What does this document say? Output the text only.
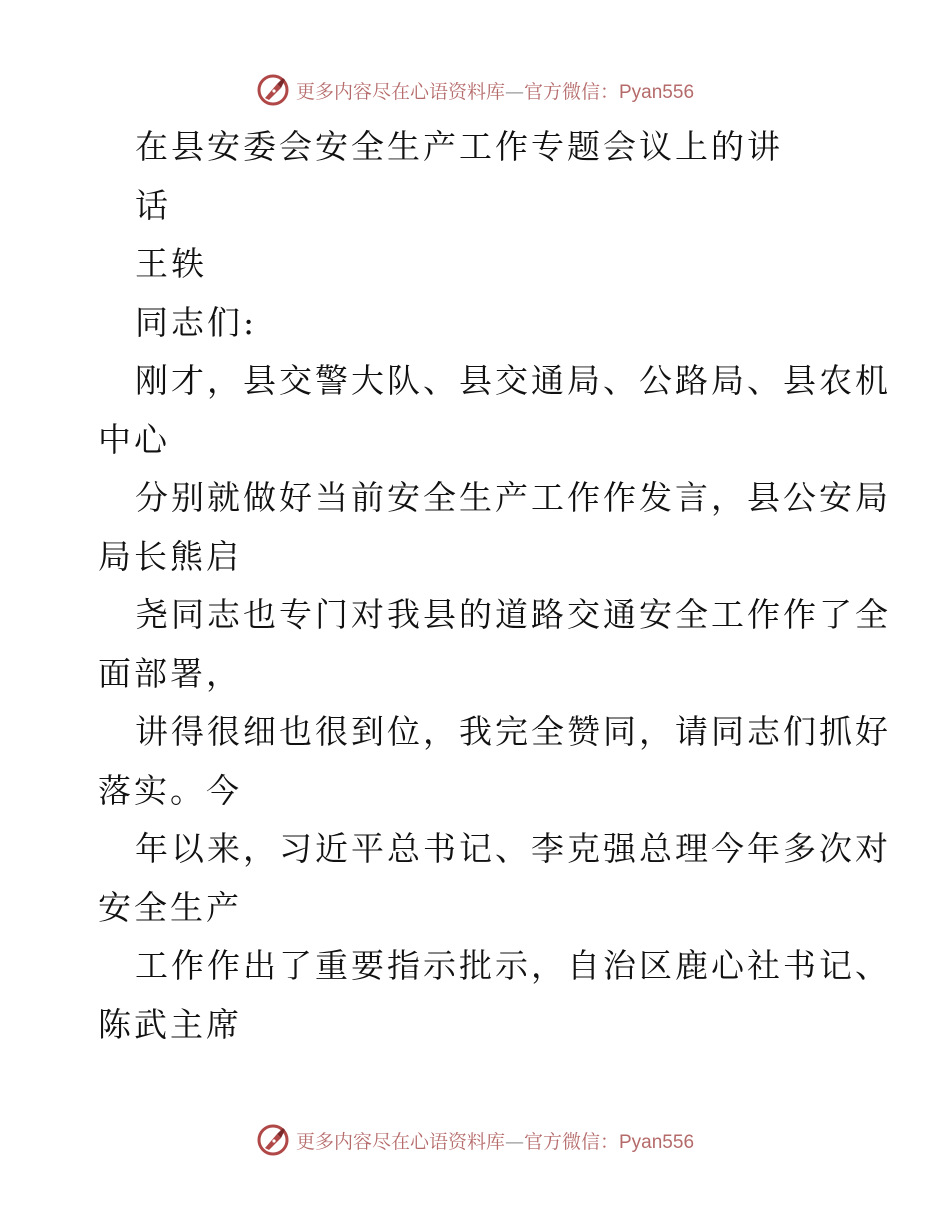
更多内容尽在心语资料库—官方微信：Pyan556
在县安委会安全生产工作专题会议上的讲
话
王轶
同志们:
刚才，县交警大队、县交通局、公路局、县农机
中心
分别就做好当前安全生产工作作发言，县公安局
局长熊启
尧同志也专门对我县的道路交通安全工作作了全
面部署，
讲得很细也很到位，我完全赞同，请同志们抓好
落实。今
年以来，习近平总书记、李克强总理今年多次对
安全生产
工作作出了重要指示批示，自治区鹿心社书记、
陈武主席
更多内容尽在心语资料库—官方微信：Pyan556
